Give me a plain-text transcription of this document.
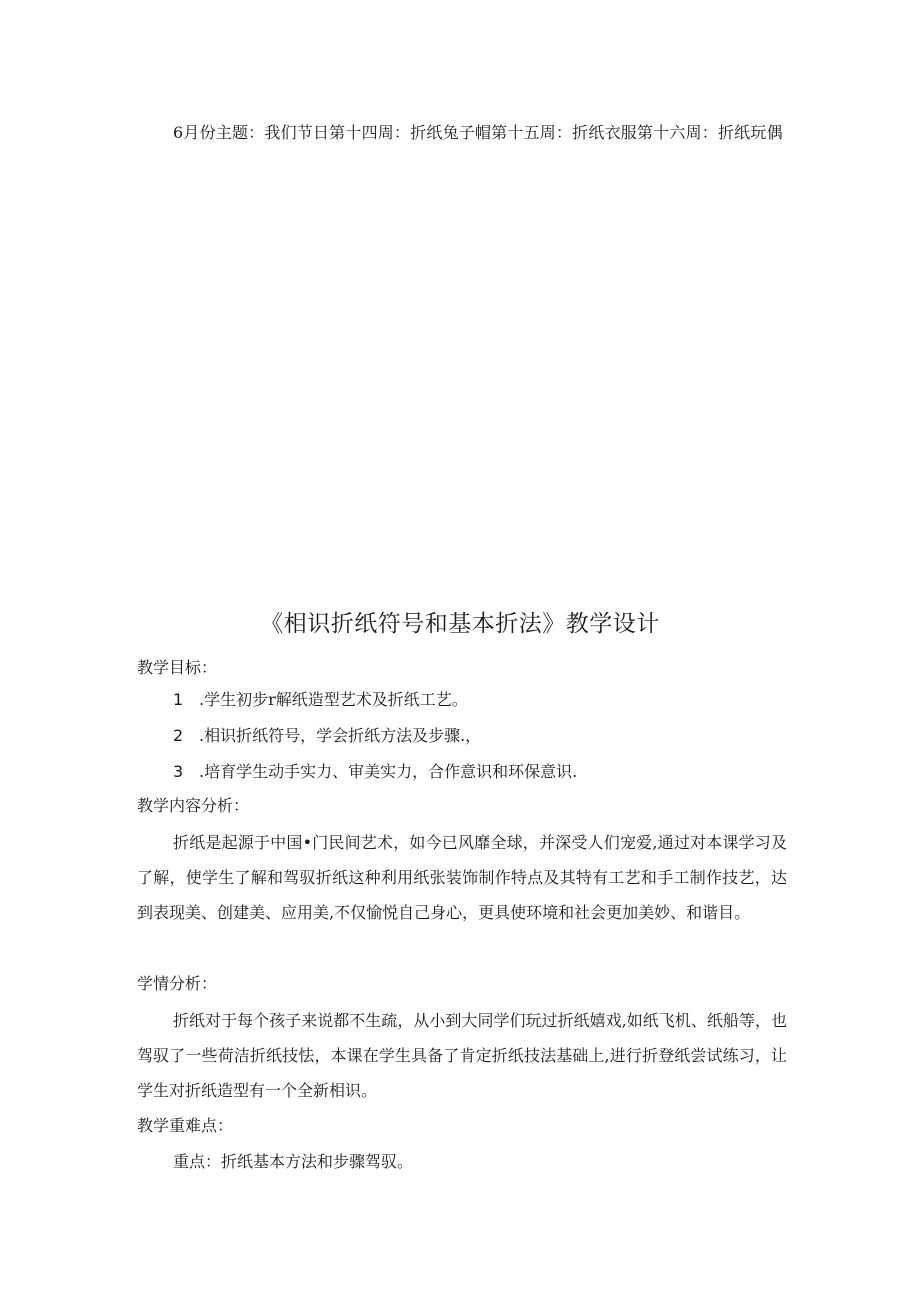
6月份主题：我们节日第十四周：折纸兔子帽第十五周：折纸衣服第十六周：折纸玩偶
《相识折纸符号和基本折法》教学设计
教学目标：
1 .学生初步r解纸造型艺术及折纸工艺。
2 .相识折纸符号，学会折纸方法及步骤.，
3 .培育学生动手实力、审美实力，合作意识和环保意识.
教学内容分析：
折纸是起源于中国•门民间艺术，如今已风靡全球，并深受人们宠爱,通过对本课学习及了解，使学生了解和驾驭折纸这种利用纸张装饰制作特点及其特有工艺和手工制作技艺，达到表现美、创建美、应用美,不仅愉悦自己身心，更具使环境和社会更加美妙、和谐目。
学情分析：
折纸对于每个孩子来说都不生疏，从小到大同学们玩过折纸嬉戏,如纸飞机、纸船等，也驾驭了一些荷洁折纸技怯，本课在学生具备了肯定折纸技法基础上,进行折登纸尝试练习，让学生对折纸造型有一个全新相识。
教学重难点：
重点：折纸基本方法和步骤驾驭。
